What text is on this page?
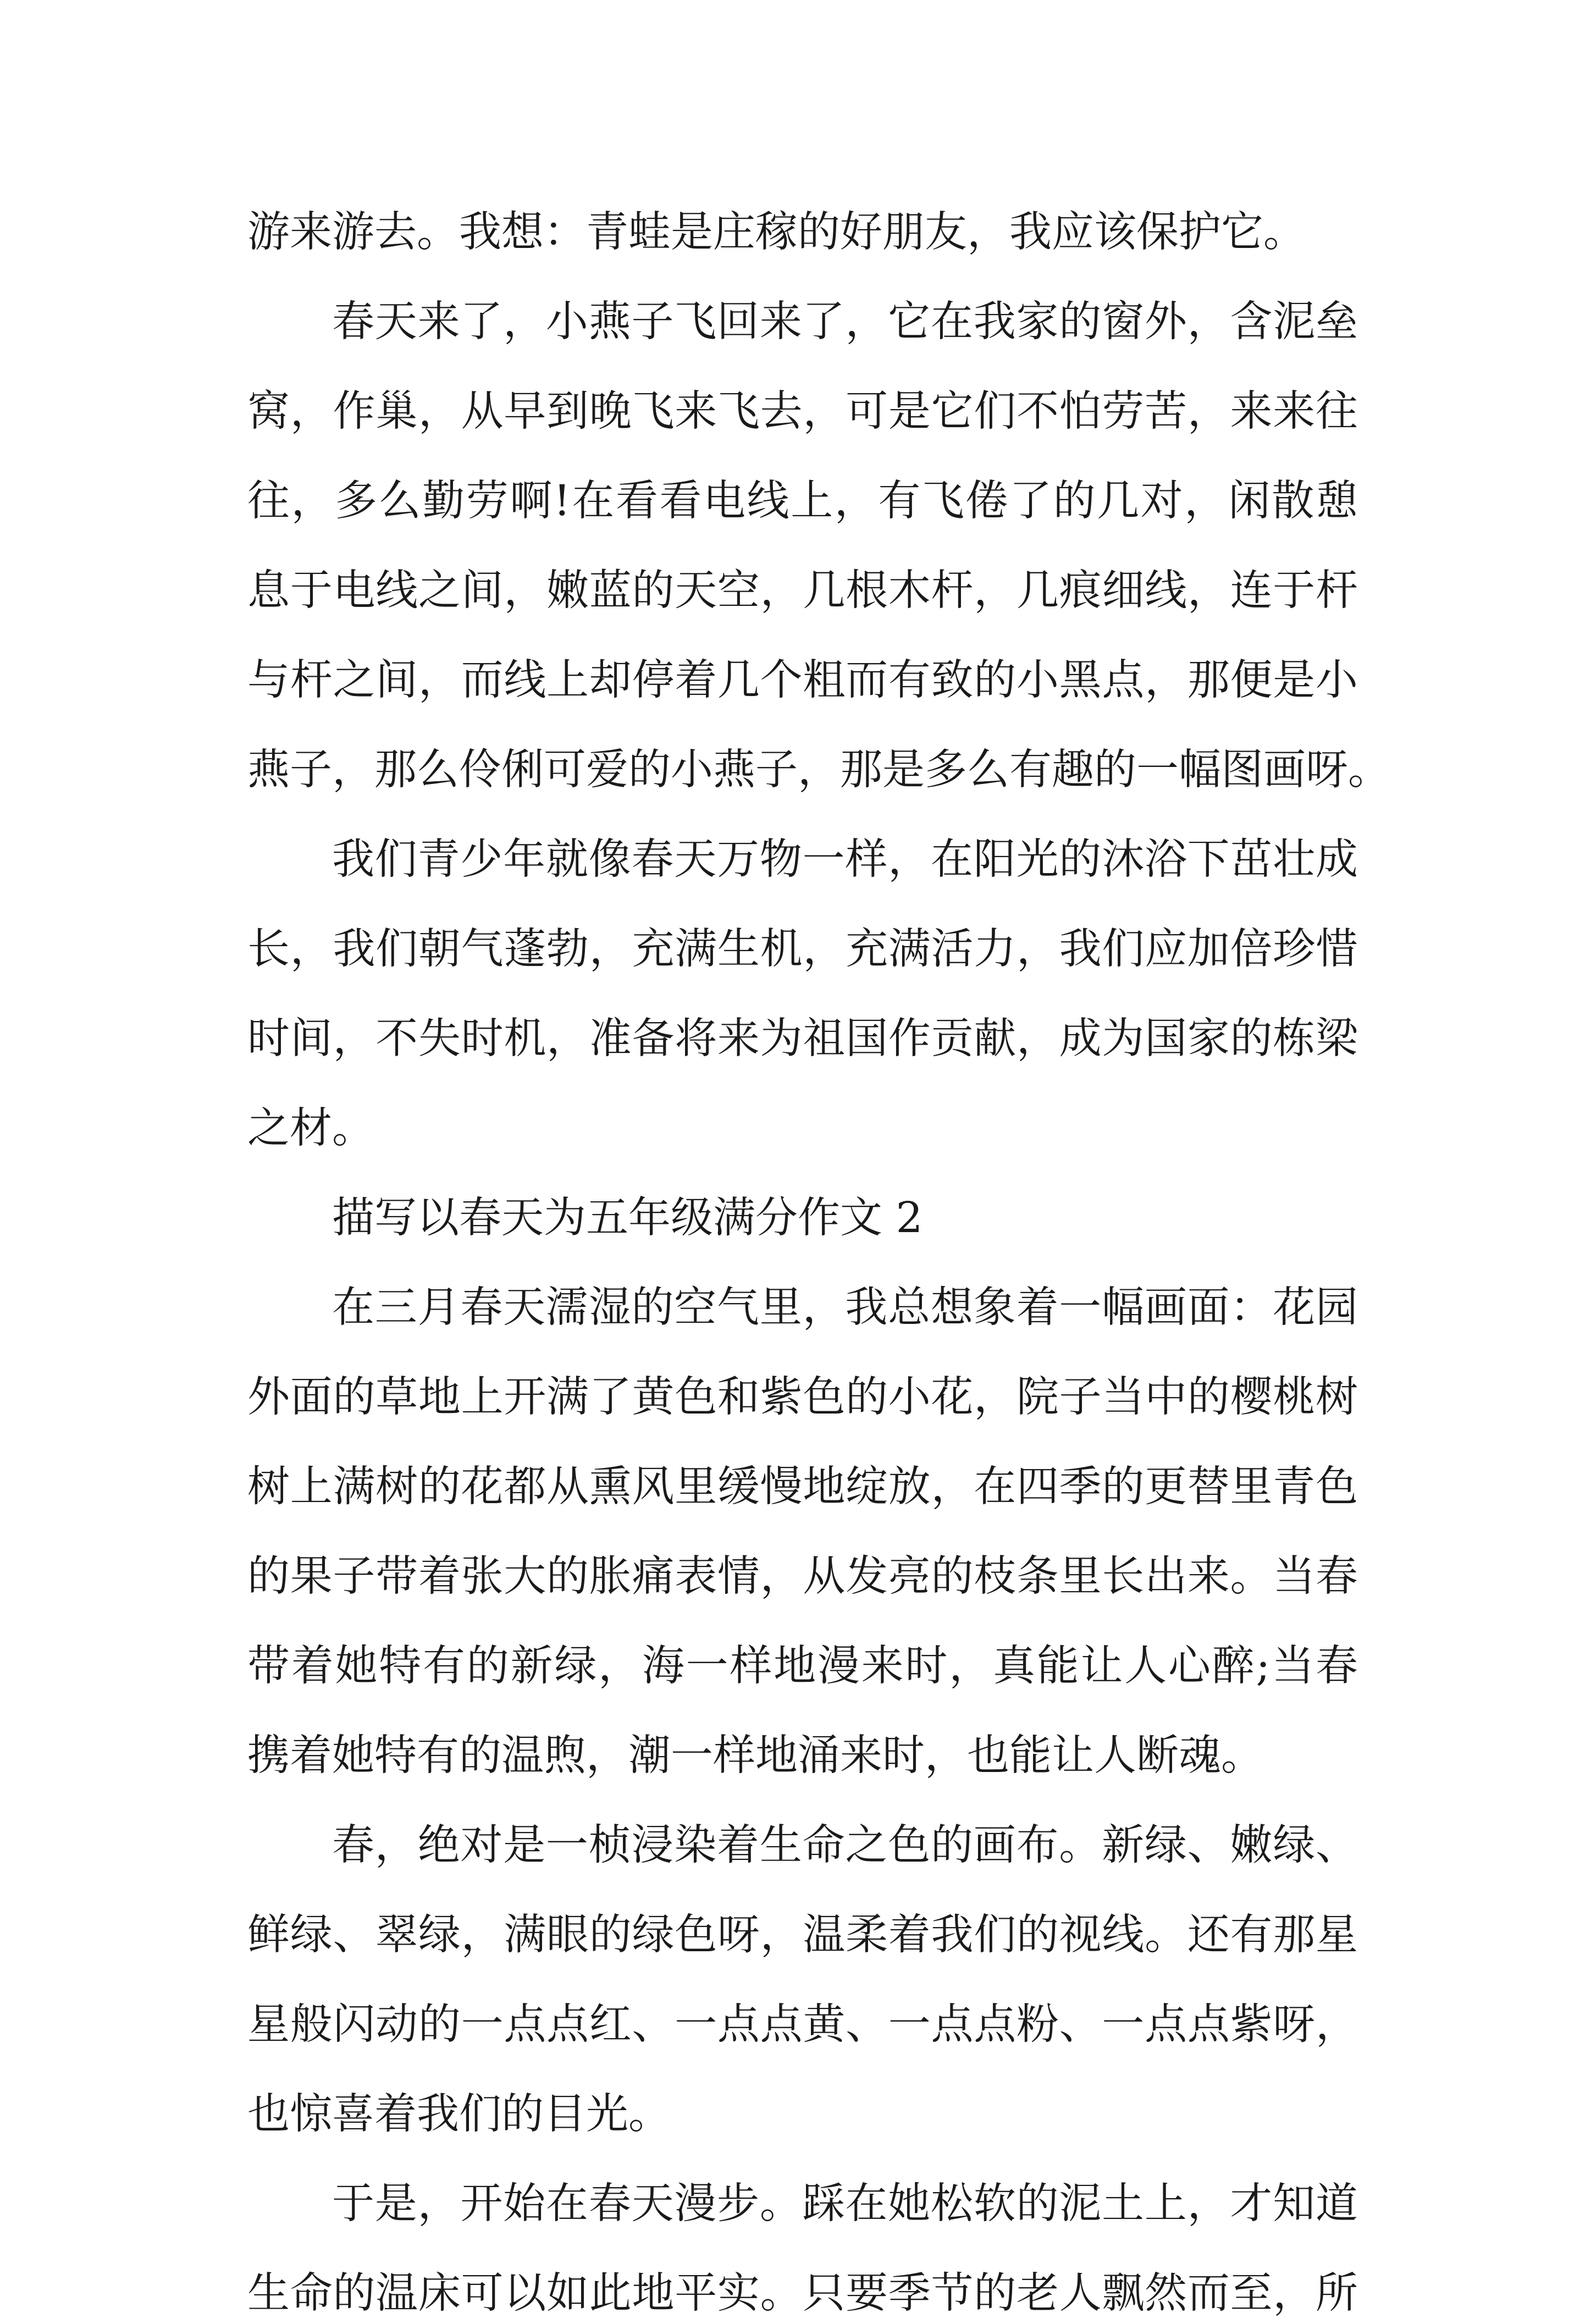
游来游去。我想：青蛙是庄稼的好朋友，我应该保护它。
春天来了，小燕子飞回来了，它在我家的窗外，含泥垒
窝，作巢，从早到晚飞来飞去，可是它们不怕劳苦，来来往
往，多么勤劳啊!在看看电线上，有飞倦了的几对，闲散憩
息于电线之间，嫩蓝的天空，几根木杆，几痕细线，连于杆
与杆之间，而线上却停着几个粗而有致的小黑点，那便是小
燕子，那么伶俐可爱的小燕子，那是多么有趣的一幅图画呀。
我们青少年就像春天万物一样，在阳光的沐浴下茁壮成
长，我们朝气蓬勃，充满生机，充满活力，我们应加倍珍惜
时间，不失时机，准备将来为祖国作贡献，成为国家的栋梁
之材。
描写以春天为五年级满分作文 2
在三月春天濡湿的空气里，我总想象着一幅画面：花园
外面的草地上开满了黄色和紫色的小花，院子当中的樱桃树
树上满树的花都从熏风里缓慢地绽放，在四季的更替里青色
的果子带着张大的胀痛表情，从发亮的枝条里长出来。当春
带着她特有的新绿，海一样地漫来时，真能让人心醉;当春
携着她特有的温煦，潮一样地涌来时，也能让人断魂。
春，绝对是一桢浸染着生命之色的画布。新绿、嫩绿、
鲜绿、翠绿，满眼的绿色呀，温柔着我们的视线。还有那星
星般闪动的一点点红、一点点黄、一点点粉、一点点紫呀，
也惊喜着我们的目光。
于是，开始在春天漫步。踩在她松软的泥土上，才知道
生命的温床可以如此地平实。只要季节的老人飘然而至，所
